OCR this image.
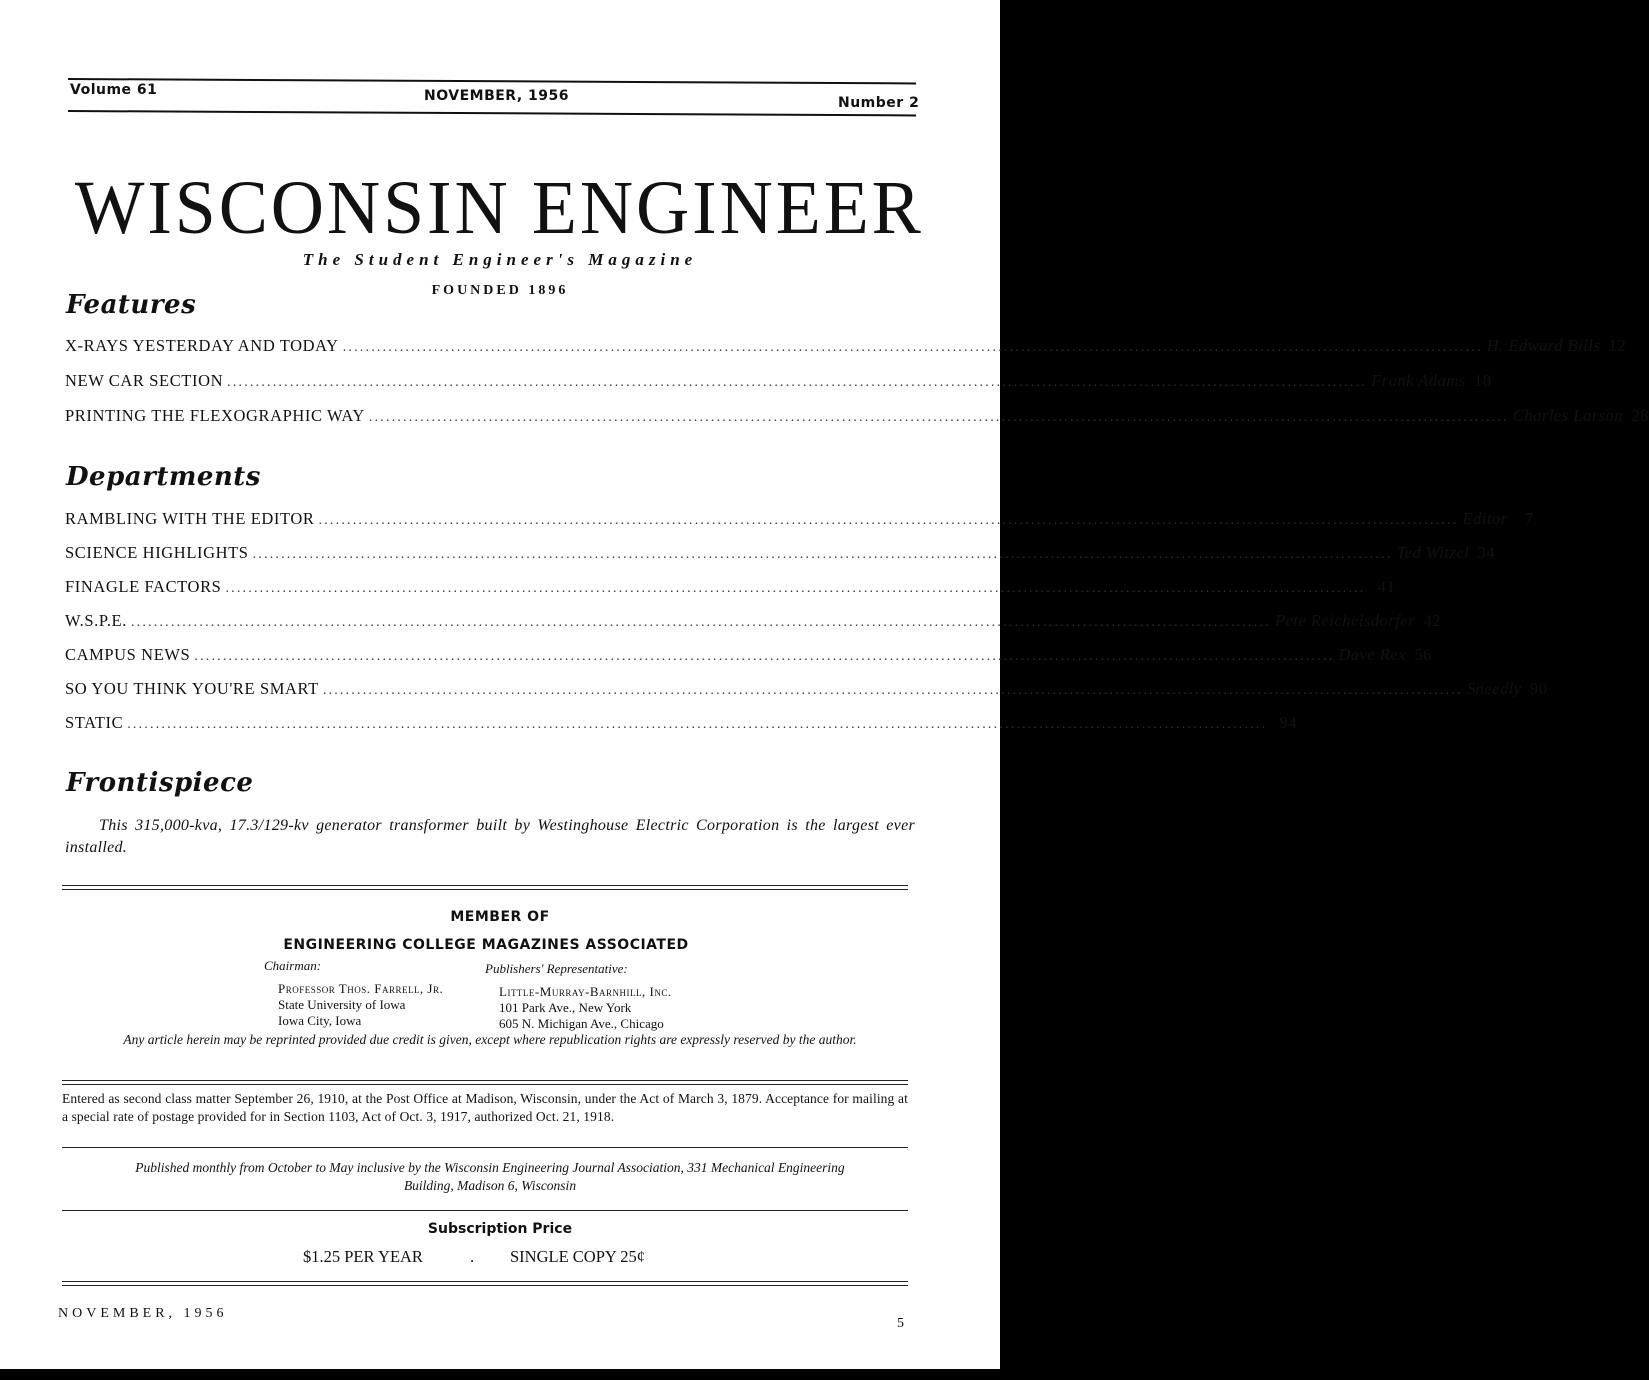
Volume 61	NOVEMBER, 1956	Number 2
WISCONSIN ENGINEER
The Student Engineer's Magazine
FOUNDED 1896
Features
X-RAYS YESTERDAY AND TODAY ........................................................................................................................................................................................................ H. Edward Bills 12
NEW CAR SECTION ........................................................................................................................................................................................................ Frank Adams 18
PRINTING THE FLEXOGRAPHIC WAY ........................................................................................................................................................................................................ Charles Larson 28
Departments
RAMBLING WITH THE EDITOR ........................................................................................................................................................................................................ Editor	7
SCIENCE HIGHLIGHTS ........................................................................................................................................................................................................ Ted Witzel 34
FINAGLE FACTORS ........................................................................................................................................................................................................ 41
W.S.P.E. ........................................................................................................................................................................................................ Pete Reichelsdorfer 42
CAMPUS NEWS ........................................................................................................................................................................................................ Dave Rex 56
SO YOU THINK YOU'RE SMART ........................................................................................................................................................................................................ Sneedly 90
STATIC ........................................................................................................................................................................................................ 94
Frontispiece
This 315,000-kva, 17.3/129-kv generator transformer built by Westinghouse Electric Corporation is the largest ever installed.
MEMBER OF
ENGINEERING COLLEGE MAGAZINES ASSOCIATED
Chairman:
Professor Thos. Farrell, Jr.
State University of Iowa
Iowa City, Iowa
Publishers' Representative:
Little-Murray-Barnhill, Inc.
101 Park Ave., New York
605 N. Michigan Ave., Chicago
Any article herein may be reprinted provided due credit is given, except where republication rights are expressly reserved by the author.
Entered as second class matter September 26, 1910, at the Post Office at Madison, Wisconsin, under the Act of March 3, 1879. Acceptance for mailing at a special rate of postage provided for in Section 1103, Act of Oct. 3, 1917, authorized Oct. 21, 1918.
Published monthly from October to May inclusive by the Wisconsin Engineering Journal Association, 331 Mechanical Engineering Building, Madison 6, Wisconsin
Subscription Price
$1.25 PER YEAR	. SINGLE COPY 25¢
NOVEMBER, 1956
5
